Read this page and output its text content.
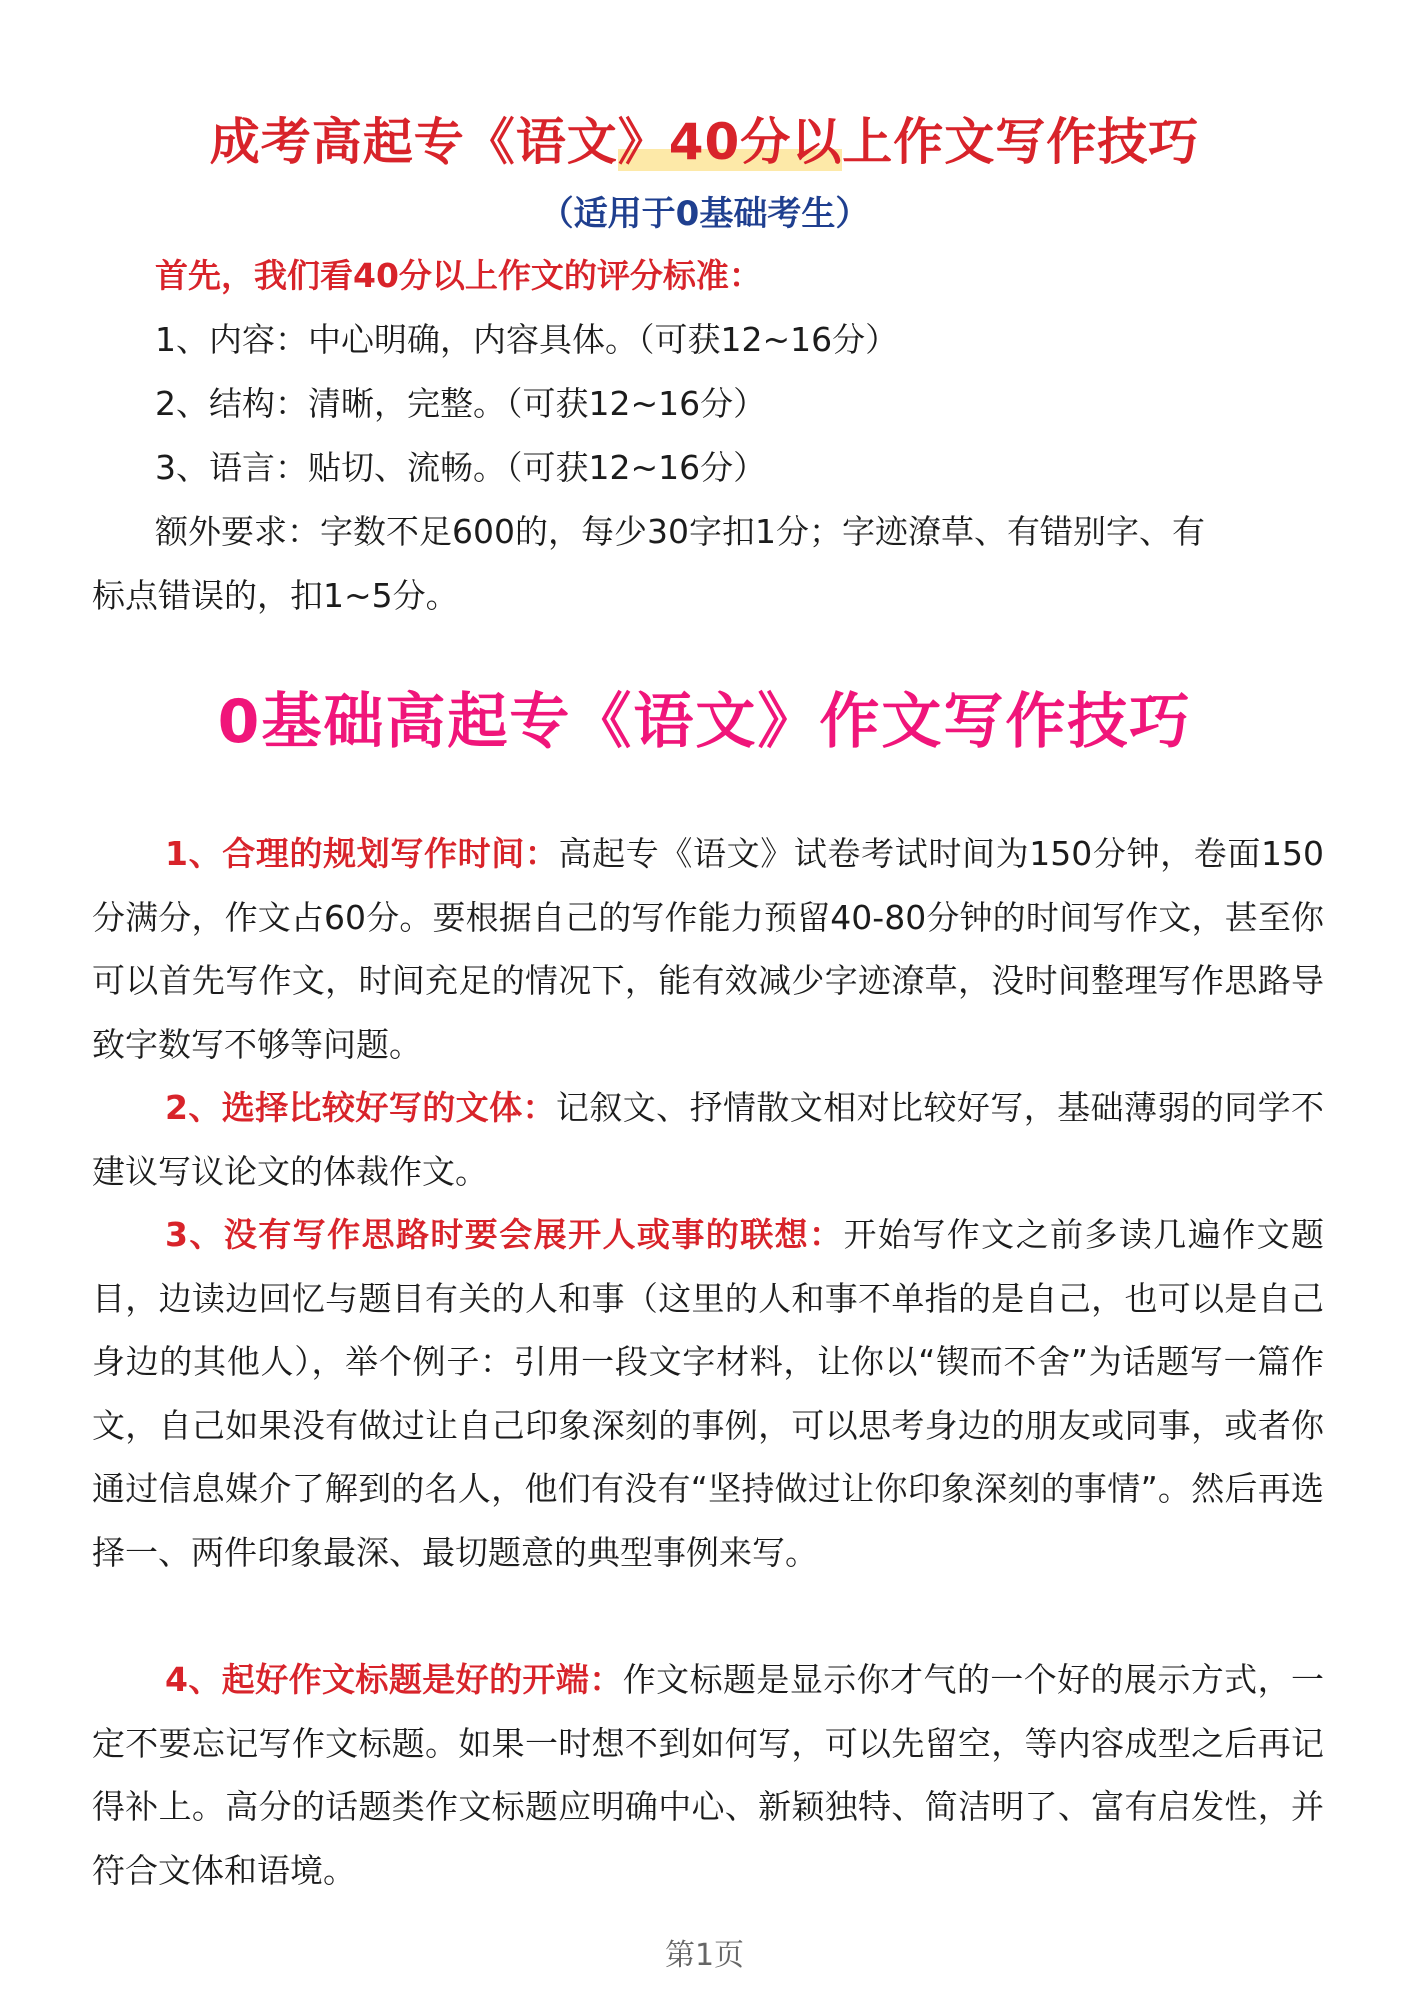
成考高起专《语文》40分以上作文写作技巧
（适用于0基础考生）

首先，我们看40分以上作文的评分标准：

1、内容：中心明确，内容具体。（可获12~16分）

2、结构：清晰，完整。（可获12~16分）

3、语言：贴切、流畅。（可获12~16分）

额外要求：字数不足600的，每少30字扣1分；字迹潦草、有错别字、有

标点错误的，扣1~5分。

0基础高起专《语文》作文写作技巧

1、合理的规划写作时间：高起专《语文》试卷考试时间为150分钟，卷面150分满分，作文占60分。要根据自己的写作能力预留40-80分钟的时间写作文，甚至你可以首先写作文，时间充足的情况下，能有效减少字迹潦草，没时间整理写作思路导致字数写不够等问题。

2、选择比较好写的文体：记叙文、抒情散文相对比较好写，基础薄弱的同学不建议写议论文的体裁作文。

3、没有写作思路时要会展开人或事的联想：开始写作文之前多读几遍作文题目，边读边回忆与题目有关的人和事（这里的人和事不单指的是自己，也可以是自己身边的其他人），举个例子：引用一段文字材料，让你以“锲而不舍”为话题写一篇作文，自己如果没有做过让自己印象深刻的事例，可以思考身边的朋友或同事，或者你通过信息媒介了解到的名人，他们有没有“坚持做过让你印象深刻的事情”。然后再选择一、两件印象最深、最切题意的典型事例来写。

4、起好作文标题是好的开端：作文标题是显示你才气的一个好的展示方式，一定不要忘记写作文标题。如果一时想不到如何写，可以先留空，等内容成型之后再记得补上。高分的话题类作文标题应明确中心、新颖独特、简洁明了、富有启发性，并符合文体和语境。

第1页
